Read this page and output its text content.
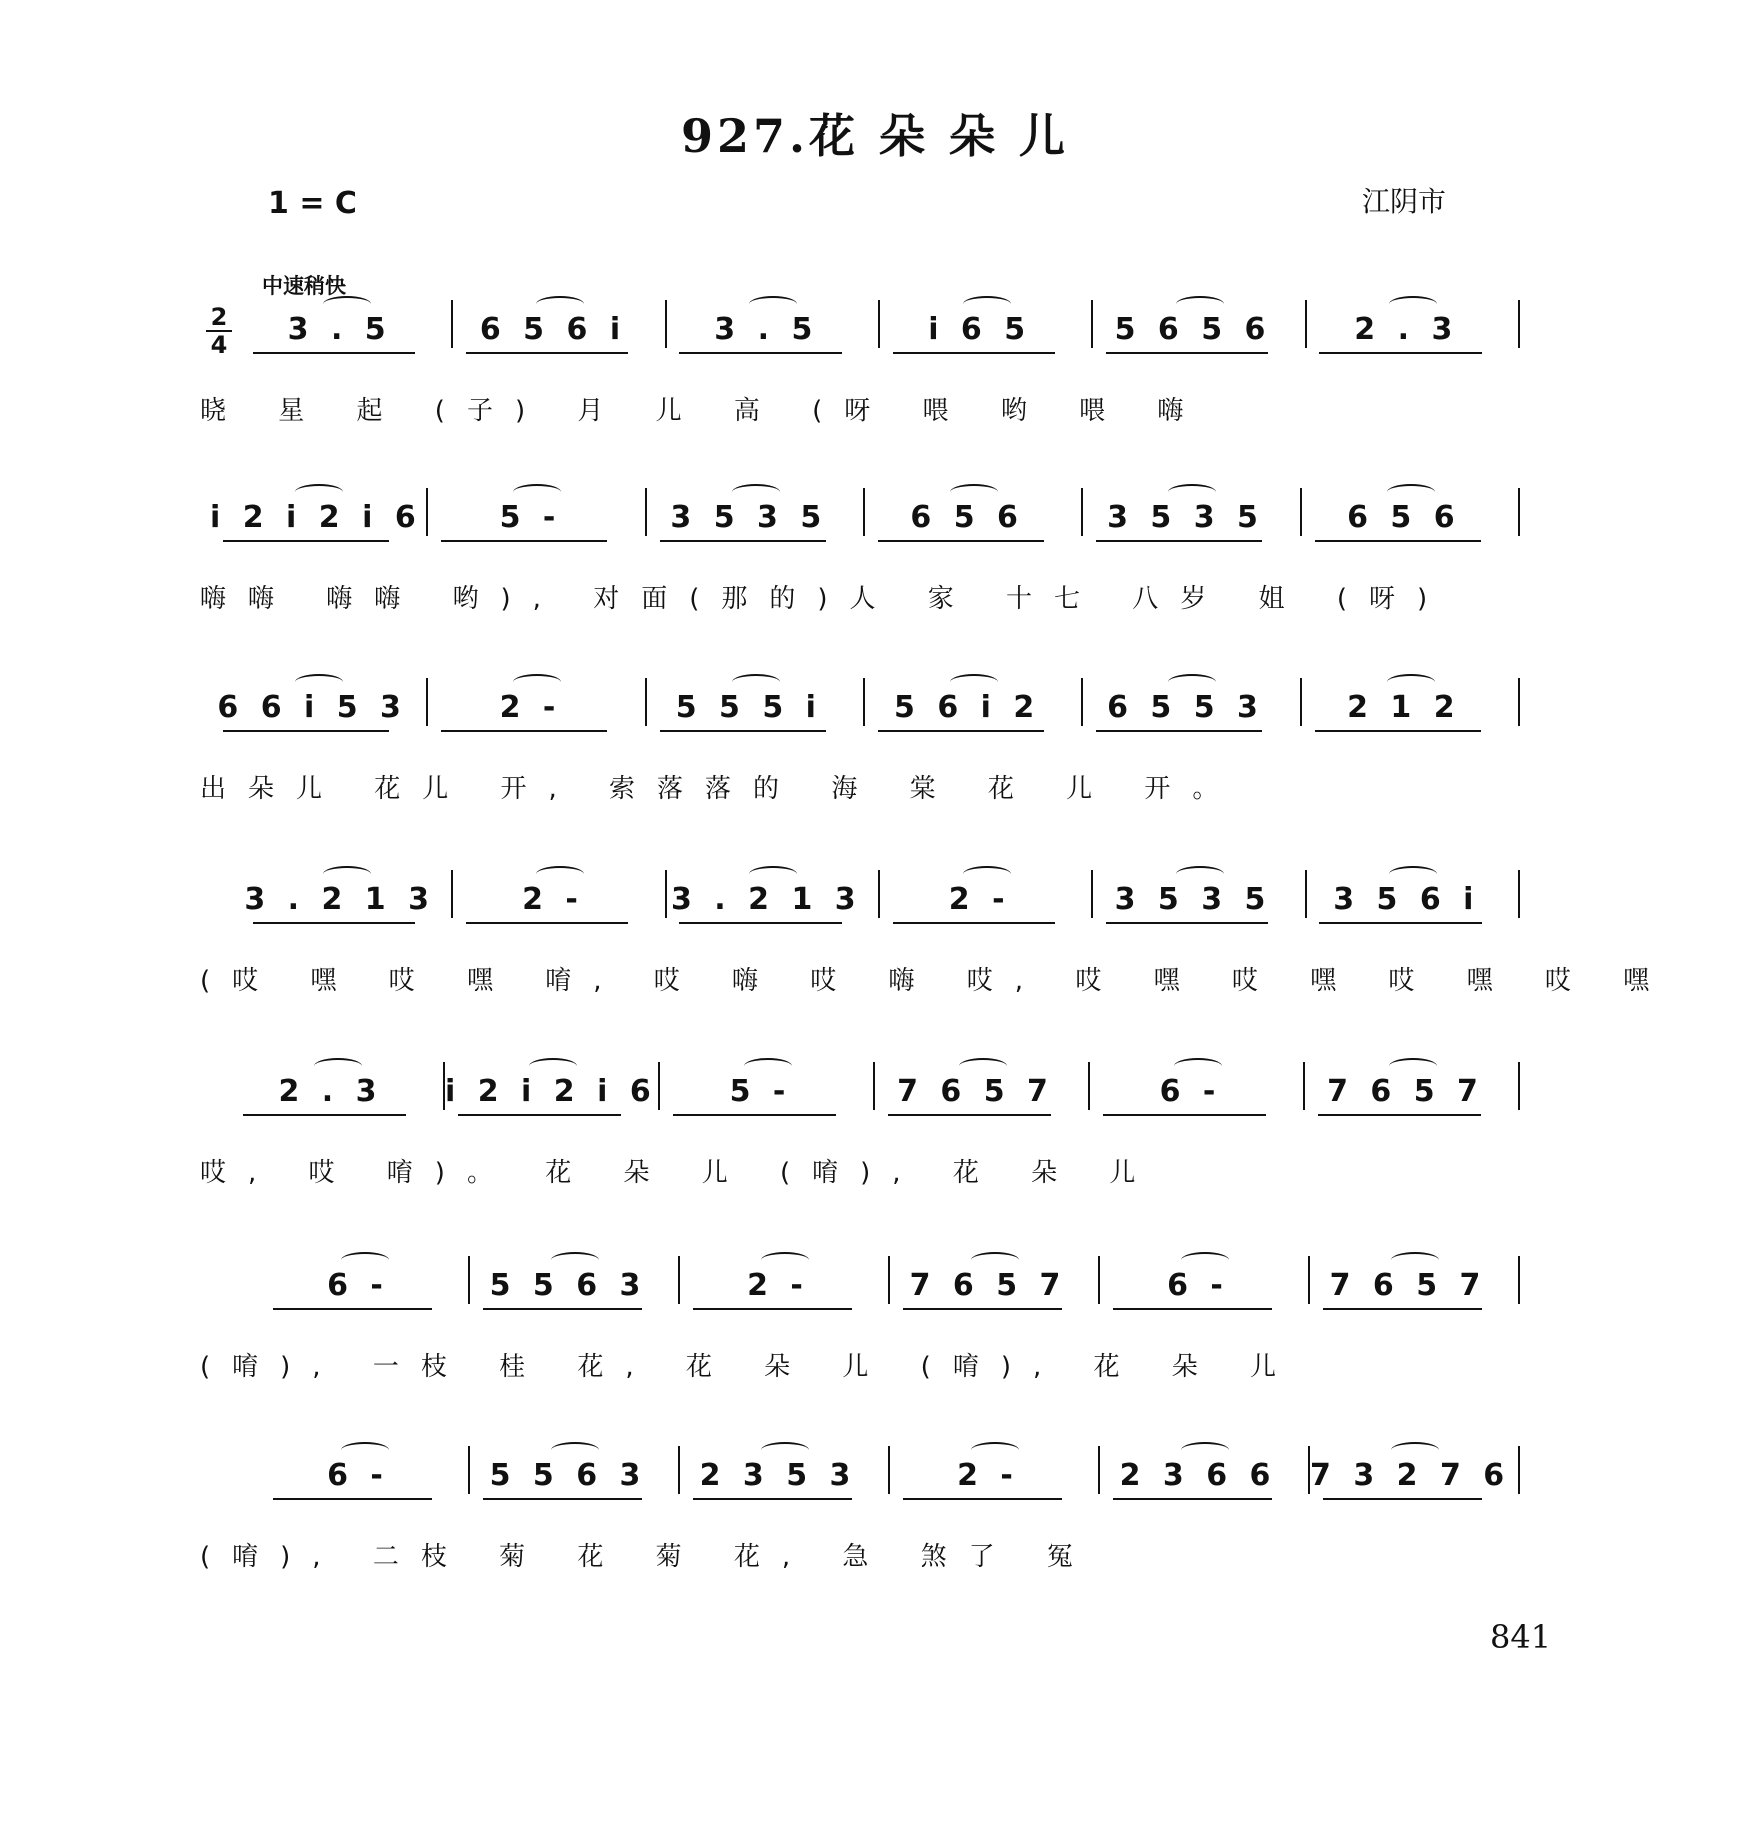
927.花 朵 朵 儿
1 = C	江阴市
中速稍快
$\frac{2}{4}$	3 . 5	6 5 6 i	3 . 5	i 6 5	5 6 5 6	2 . 3
晓 星 起 (子) 月 儿 高 (呀 喂 哟 喂 嗨
i 2 i 2 i 6	5 -	3 5 3 5	6 5 6	3 5 3 5	6 5 6
嗨嗨 嗨嗨 哟), 对面(那的)人 家 十七 八岁 姐 (呀)
6 6 i 5 3	2 -	5 5 5 i	5 6 i 2	6 5 5 3	2 1 2
出朵儿 花儿 开, 索落落的 海 棠 花 儿 开。
3 . 2 1 3	2 -	3 . 2 1 3	2 -	3 5 3 5	3 5 6 i
(哎 嘿 哎 嘿 唷, 哎 嗨 哎 嗨 哎, 哎 嘿 哎 嘿 哎 嘿 哎 嘿
2 . 3	i 2 i 2 i 6	5 -	7 6 5 7	6 -	7 6 5 7
哎, 哎 唷)。 花 朵 儿 (唷), 花 朵 儿
6 -	5 5 6 3	2 -	7 6 5 7	6 -	7 6 5 7
(唷), 一枝 桂 花, 花 朵 儿 (唷), 花 朵 儿
6 -	5 5 6 3	2 3 5 3	2 -	2 3 6 6	7 3 2 7 6
(唷), 二枝 菊 花 菊 花, 急 煞了 冤
841
